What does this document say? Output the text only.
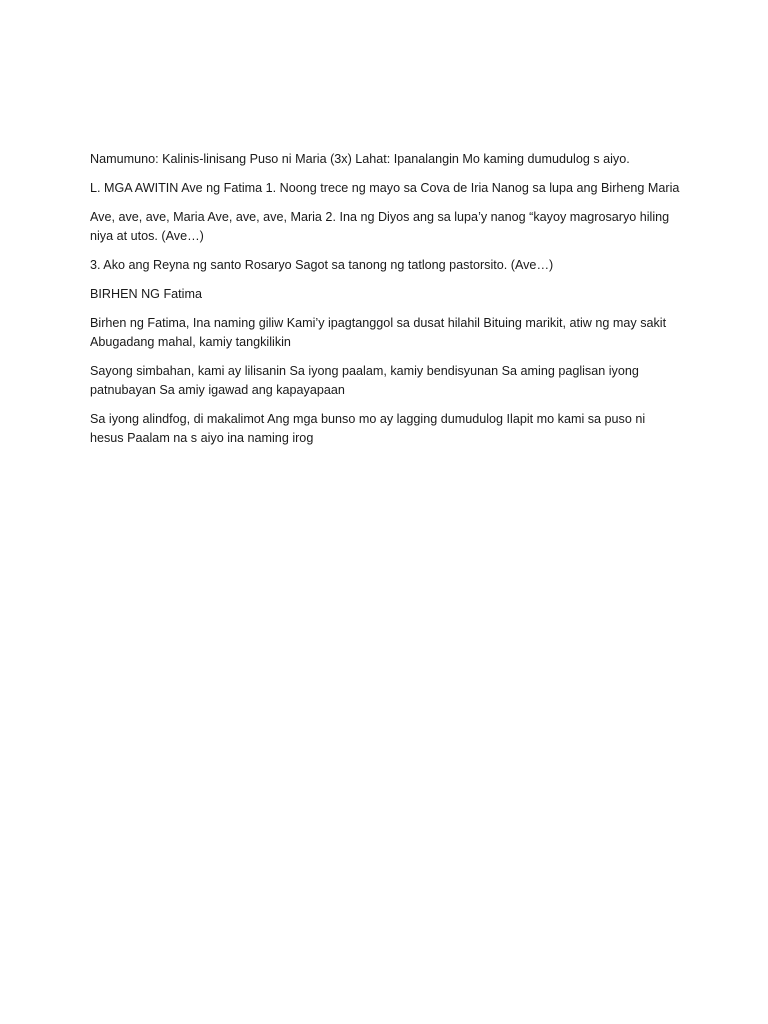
Namumuno: Kalinis-linisang Puso ni Maria (3x) Lahat: Ipanalangin Mo kaming dumudulog s aiyo.

L. MGA AWITIN Ave ng Fatima 1. Noong trece ng mayo sa Cova de Iria Nanog sa lupa ang Birheng Maria

Ave, ave, ave, Maria Ave, ave, ave, Maria 2. Ina ng Diyos ang sa lupa’y nanog “kayoy magrosaryo hiling niya at utos. (Ave…)

3. Ako ang Reyna ng santo Rosaryo Sagot sa tanong ng tatlong pastorsito. (Ave…)

BIRHEN NG Fatima

Birhen ng Fatima, Ina naming giliw Kami’y ipagtanggol sa dusat hilahil Bituing marikit, atiw ng may sakit Abugadang mahal, kamiy tangkilikin

Sayong simbahan, kami ay lilisanin Sa iyong paalam, kamiy bendisyunan Sa aming paglisan iyong patnubayan Sa amiy igawad ang kapayapaan

Sa iyong alindfog, di makalimot Ang mga bunso mo ay lagging dumudulog Ilapit mo kami sa puso ni hesus Paalam na s aiyo ina naming irog
